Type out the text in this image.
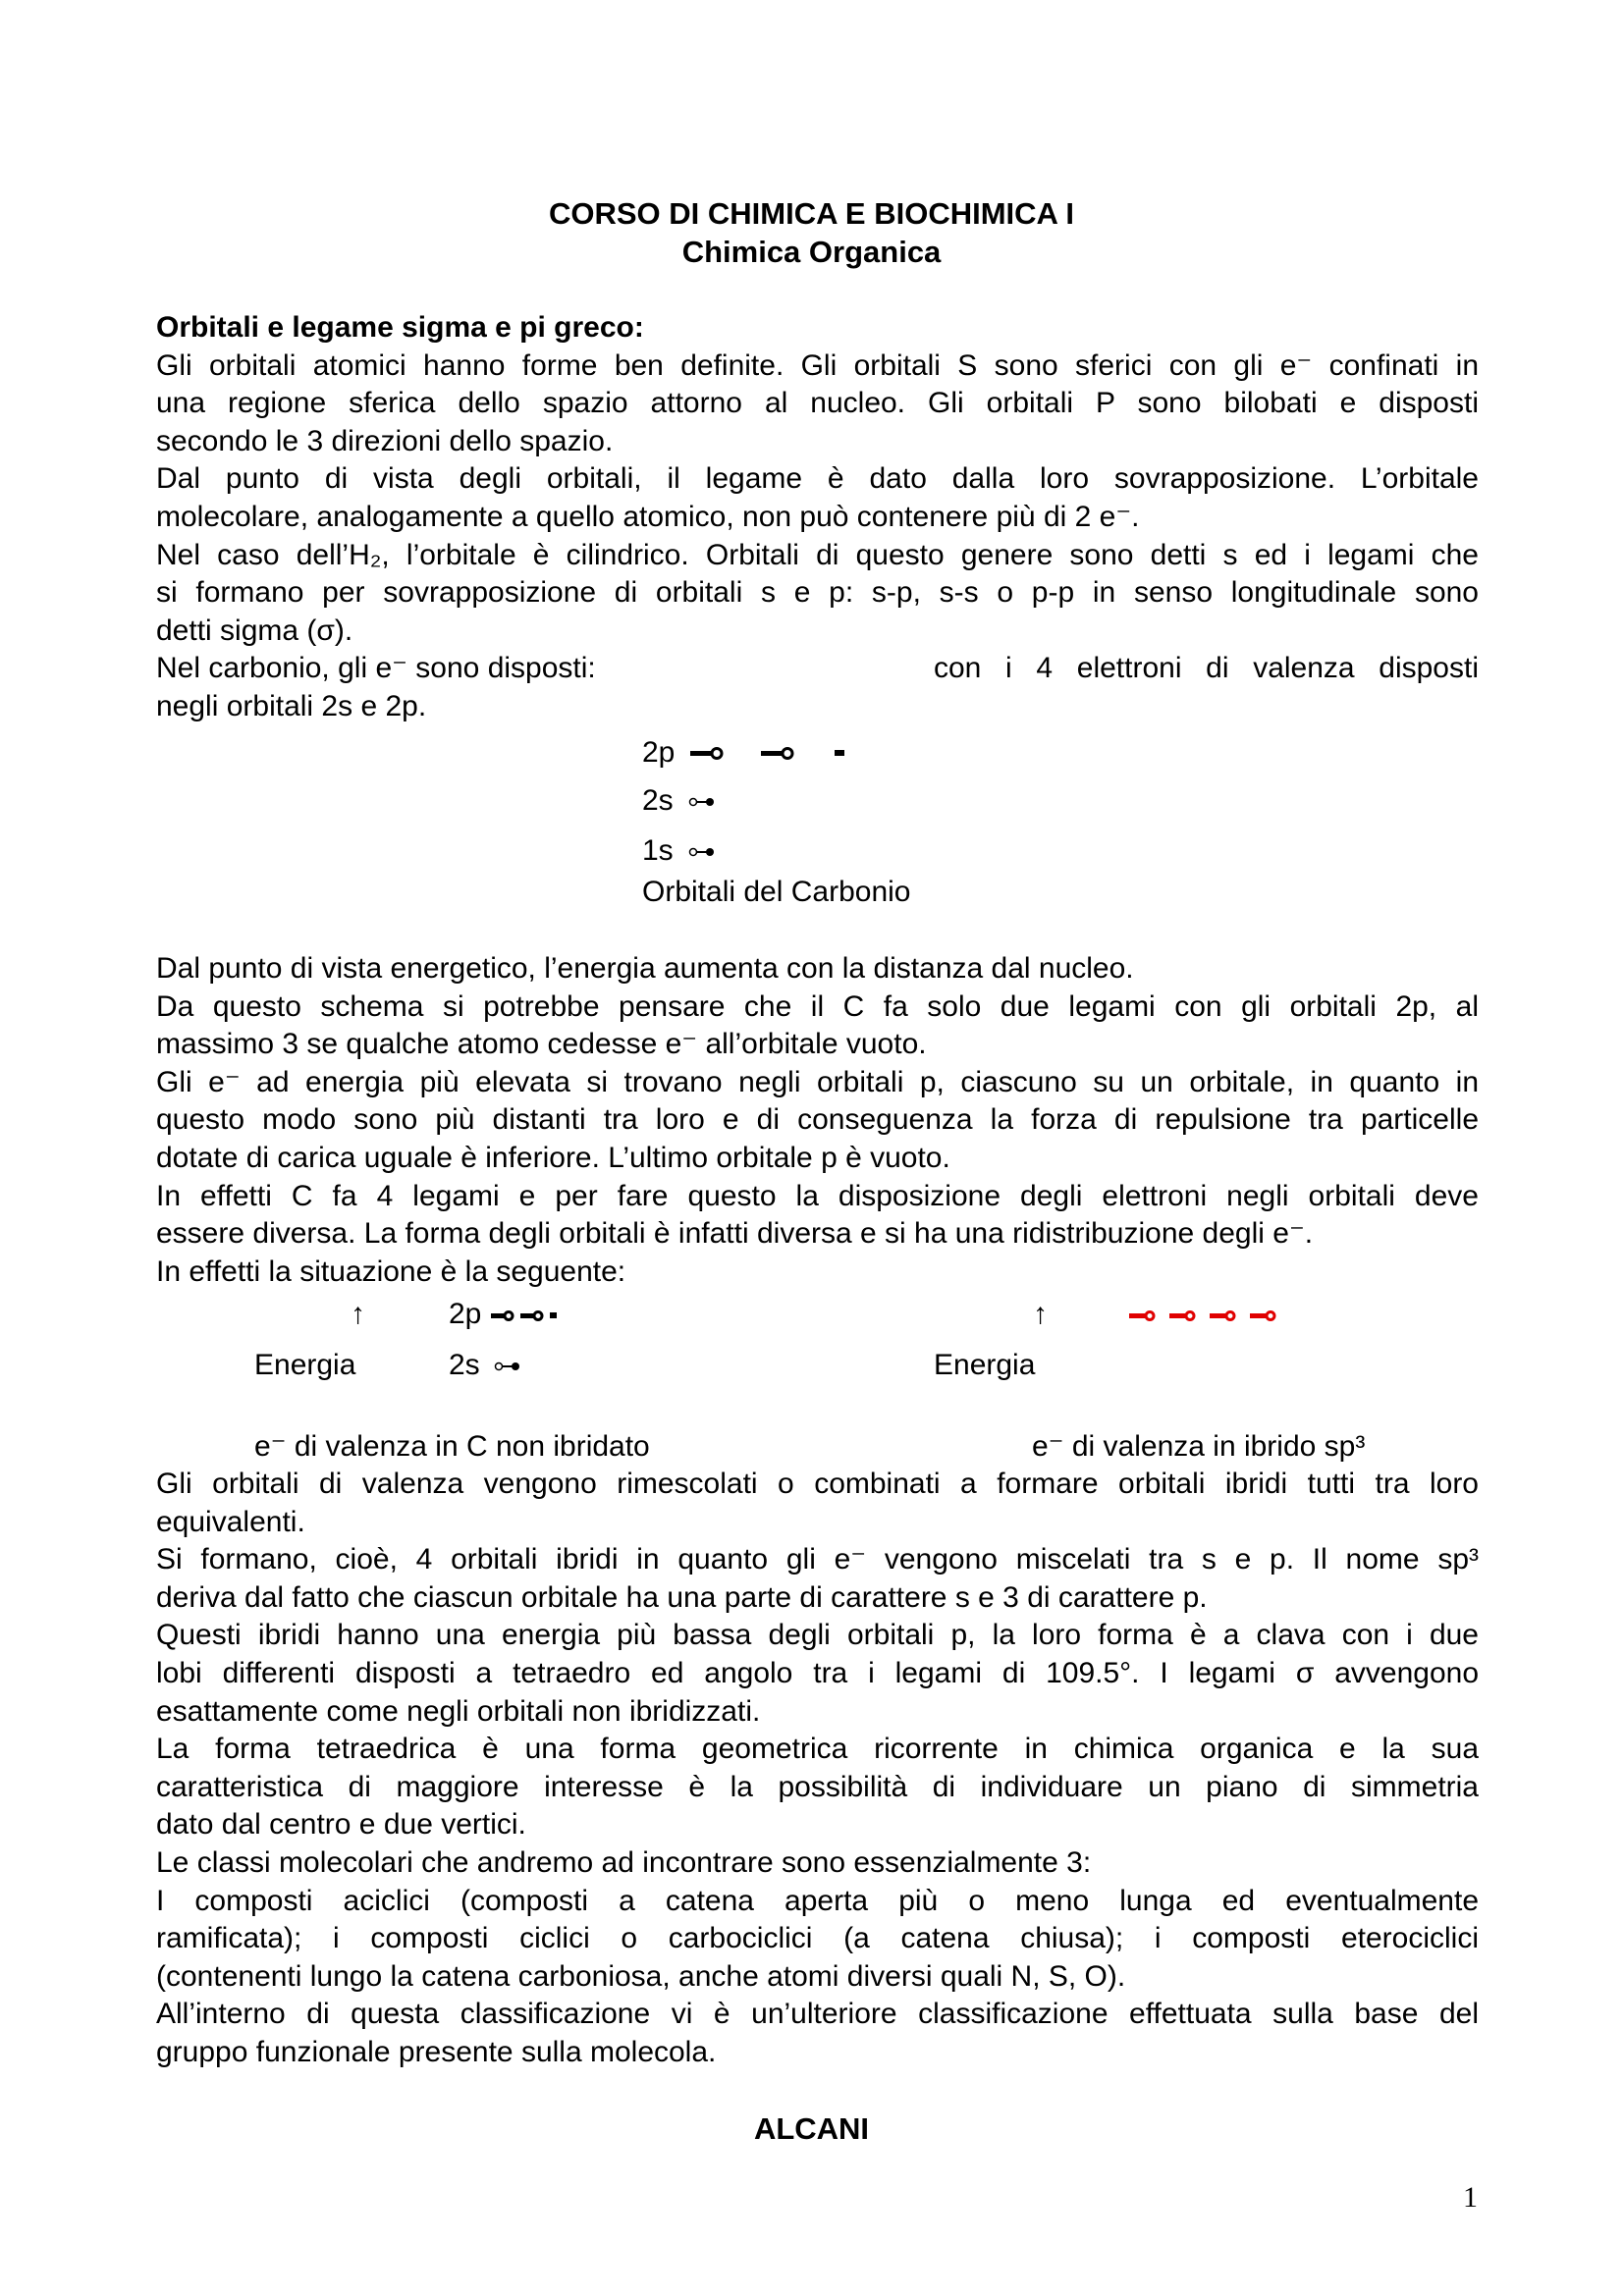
CORSO DI CHIMICA E BIOCHIMICA I
Chimica Organica
Orbitali e legame sigma e pi greco:
Gli orbitali atomici hanno forme ben definite. Gli orbitali S sono sferici con gli e⁻ confinati in
una regione sferica dello spazio attorno al nucleo. Gli orbitali P sono bilobati e disposti
secondo le 3 direzioni dello spazio.
Dal punto di vista degli orbitali, il legame è dato dalla loro sovrapposizione. L’orbitale
molecolare, analogamente a quello atomico, non può contenere più di 2 e⁻.
Nel caso dell’H₂, l’orbitale è cilindrico. Orbitali di questo genere sono detti s ed i legami che
si formano per sovrapposizione di orbitali s e p: s-p, s-s o p-p in senso longitudinale sono
detti sigma (σ).
Nel carbonio, gli e⁻ sono disposti:	con i 4 elettroni di valenza disposti
negli orbitali 2s e 2p.
2p
2s
1s
Orbitali del Carbonio
Dal punto di vista energetico, l’energia aumenta con la distanza dal nucleo.
Da questo schema si potrebbe pensare che il C fa solo due legami con gli orbitali 2p, al
massimo 3 se qualche atomo cedesse e⁻ all’orbitale vuoto.
Gli e⁻ ad energia più elevata si trovano negli orbitali p, ciascuno su un orbitale, in quanto in
questo modo sono più distanti tra loro e di conseguenza la forza di repulsione tra particelle
dotate di carica uguale è inferiore. L’ultimo orbitale p è vuoto.
In effetti C fa 4 legami e per fare questo la disposizione degli elettroni negli orbitali deve
essere diversa. La forma degli orbitali è infatti diversa e si ha una ridistribuzione degli e⁻.
In effetti la situazione è la seguente:
↑	2p
Energia	2s
↑
Energia
e⁻ di valenza in C non ibridato	e⁻ di valenza in ibrido sp³
Gli orbitali di valenza vengono rimescolati o combinati a formare orbitali ibridi tutti tra loro
equivalenti.
Si formano, cioè, 4 orbitali ibridi in quanto gli e⁻ vengono miscelati tra s e p. Il nome sp³
deriva dal fatto che ciascun orbitale ha una parte di carattere s e 3 di carattere p.
Questi ibridi hanno una energia più bassa degli orbitali p, la loro forma è a clava con i due
lobi differenti disposti a tetraedro ed angolo tra i legami di 109.5°. I legami σ avvengono
esattamente come negli orbitali non ibridizzati.
La forma tetraedrica è una forma geometrica ricorrente in chimica organica e la sua
caratteristica di maggiore interesse è la possibilità di individuare un piano di simmetria
dato dal centro e due vertici.
Le classi molecolari che andremo ad incontrare sono essenzialmente 3:
I composti aciclici (composti a catena aperta più o meno lunga ed eventualmente
ramificata); i composti ciclici o carbociclici (a catena chiusa); i composti eterociclici
(contenenti lungo la catena carboniosa, anche atomi diversi quali N, S, O).
All’interno di questa classificazione vi è un’ulteriore classificazione effettuata sulla base del
gruppo funzionale presente sulla molecola.
ALCANI
1
